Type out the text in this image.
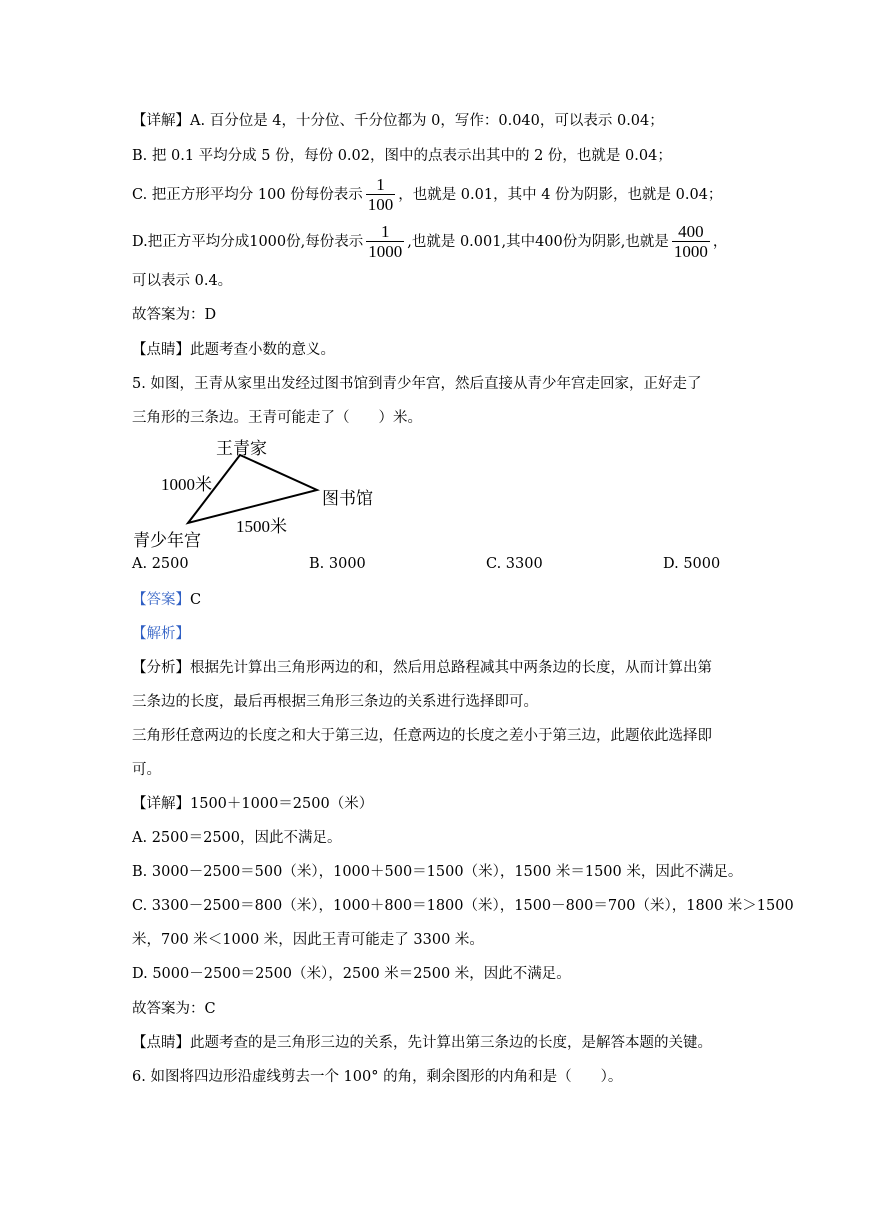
【详解】A. 百分位是 4，十分位、千分位都为 0，写作：0.040，可以表示 0.04；
B. 把 0.1 平均分成 5 份，每份 0.02，图中的点表示出其中的 2 份，也就是 0.04；
C. 把正方形平均分 100 份每份表示 $\frac{1}{100}$ ，也就是 0.01，其中 4 份为阴影，也就是 0.04；
D.把正方平均分成1000份,每份表示 $\frac{1}{1000}$ ,也就是 0.001,其中400份为阴影,也就是 $\frac{400}{1000}$ ，
可以表示 0.4。
故答案为：D
【点睛】此题考查小数的意义。
5. 如图，王青从家里出发经过图书馆到青少年宫，然后直接从青少年宫走回家，正好走了
三角形的三条边。王青可能走了（　　）米。
王青家
1000米
图书馆
1500米
青少年宫
A. 2500	B. 3000	C. 3300	D. 5000
【答案】C
【解析】
【分析】根据先计算出三角形两边的和，然后用总路程减其中两条边的长度，从而计算出第
三条边的长度，最后再根据三角形三条边的关系进行选择即可。
三角形任意两边的长度之和大于第三边，任意两边的长度之差小于第三边，此题依此选择即
可。
【详解】1500＋1000＝2500（米）
A. 2500＝2500，因此不满足。
B. 3000－2500＝500（米），1000＋500＝1500（米），1500 米＝1500 米，因此不满足。
C. 3300－2500＝800（米），1000＋800＝1800（米），1500－800＝700（米），1800 米＞1500
米，700 米＜1000 米，因此王青可能走了 3300 米。
D. 5000－2500＝2500（米），2500 米＝2500 米，因此不满足。
故答案为：C
【点睛】此题考查的是三角形三边的关系，先计算出第三条边的长度，是解答本题的关键。
6. 如图将四边形沿虚线剪去一个 100° 的角，剩余图形的内角和是（　　）。
